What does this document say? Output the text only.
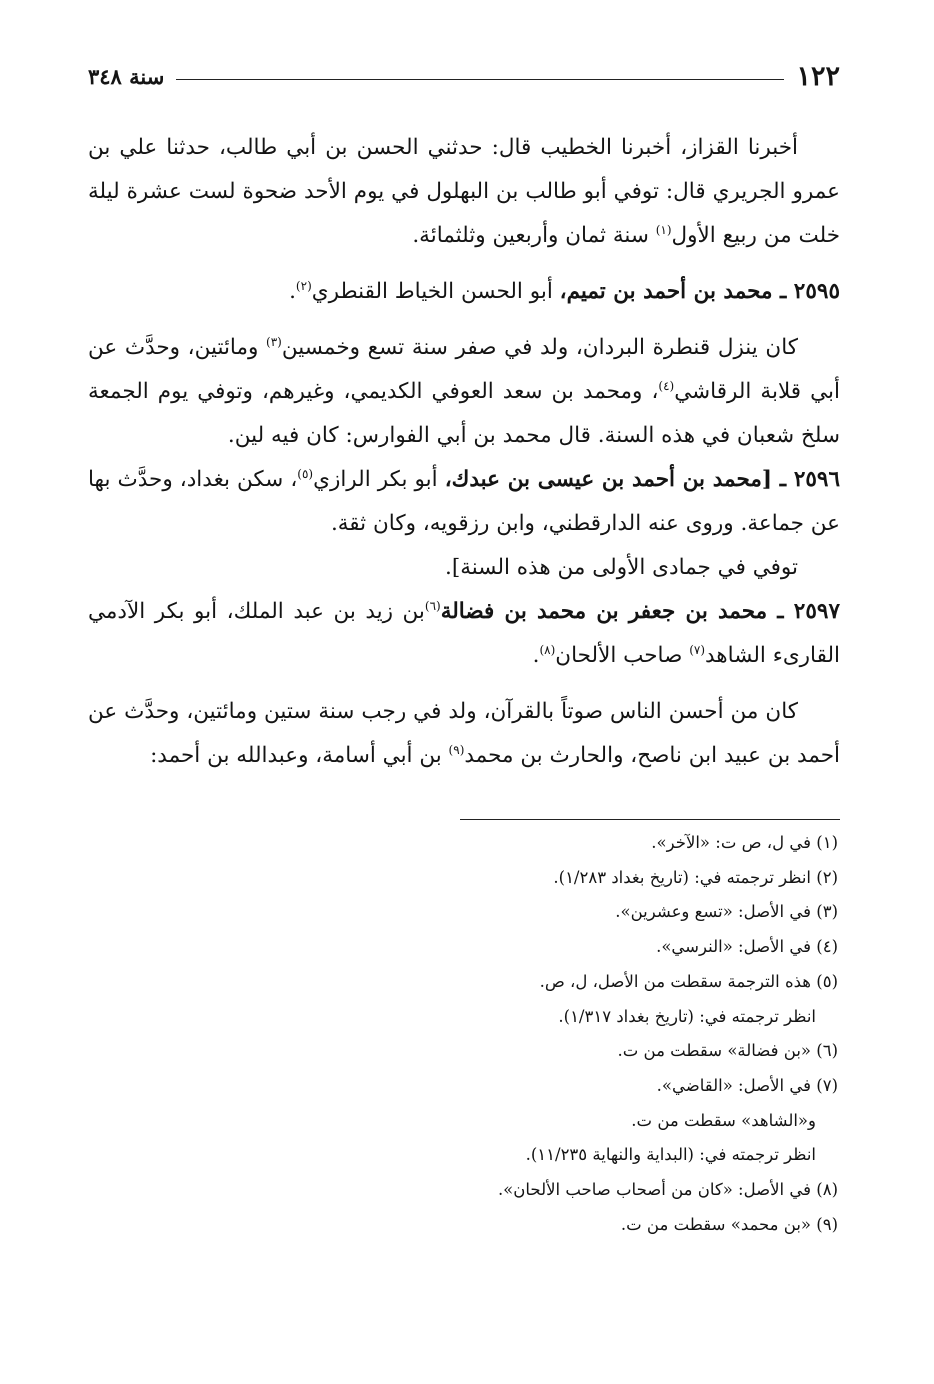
١٢٢
سنة ٣٤٨

أخبرنا القزاز، أخبرنا الخطيب قال: حدثني الحسن بن أبي طالب، حدثنا علي بن عمرو الجريري قال: توفي أبو طالب بن البهلول في يوم الأحد ضحوة لست عشرة ليلة خلت من ربيع الأول$^{(١)}$ سنة ثمان وأربعين وثلثمائة.

٢٥٩٥ ـ محمد بن أحمد بن تميم، أبو الحسن الخياط القنطري$^{(٢)}$.

كان ينزل قنطرة البردان، ولد في صفر سنة تسع وخمسين$^{(٣)}$ ومائتين، وحدَّث عن أبي قلابة الرقاشي$^{(٤)}$، ومحمد بن سعد العوفي الكديمي، وغيرهم، وتوفي يوم الجمعة سلخ شعبان في هذه السنة. قال محمد بن أبي الفوارس: كان فيه لين.

٢٥٩٦ ـ [محمد بن أحمد بن عيسى بن عبدك، أبو بكر الرازي$^{(٥)}$، سكن بغداد، وحدَّث بها عن جماعة. وروى عنه الدارقطني، وابن رزقويه، وكان ثقة.

توفي في جمادى الأولى من هذه السنة].

٢٥٩٧ ـ محمد بن جعفر بن محمد بن فضالة$^{(٦)}$بن زيد بن عبد الملك، أبو بكر الآدمي القارىء الشاهد$^{(٧)}$ صاحب الألحان$^{(٨)}$.

كان من أحسن الناس صوتاً بالقرآن، ولد في رجب سنة ستين ومائتين، وحدَّث عن أحمد بن عبيد ابن ناصح، والحارث بن محمد$^{(٩)}$ بن أبي أسامة، وعبدالله بن أحمد:

(١) في ل، ص ت: «الآخر».
(٢) انظر ترجمته في: (تاريخ بغداد ١/٢٨٣).
(٣) في الأصل: «تسع وعشرين».
(٤) في الأصل: «النرسي».
(٥) هذه الترجمة سقطت من الأصل، ل، ص.
انظر ترجمته في: (تاريخ بغداد ١/٣١٧).
(٦) «بن فضالة» سقطت من ت.
(٧) في الأصل: «القاضي».
و«الشاهد» سقطت من ت.
انظر ترجمته في: (البداية والنهاية ١١/٢٣٥).
(٨) في الأصل: «كان من أصحاب صاحب الألحان».
(٩) «بن محمد» سقطت من ت.
